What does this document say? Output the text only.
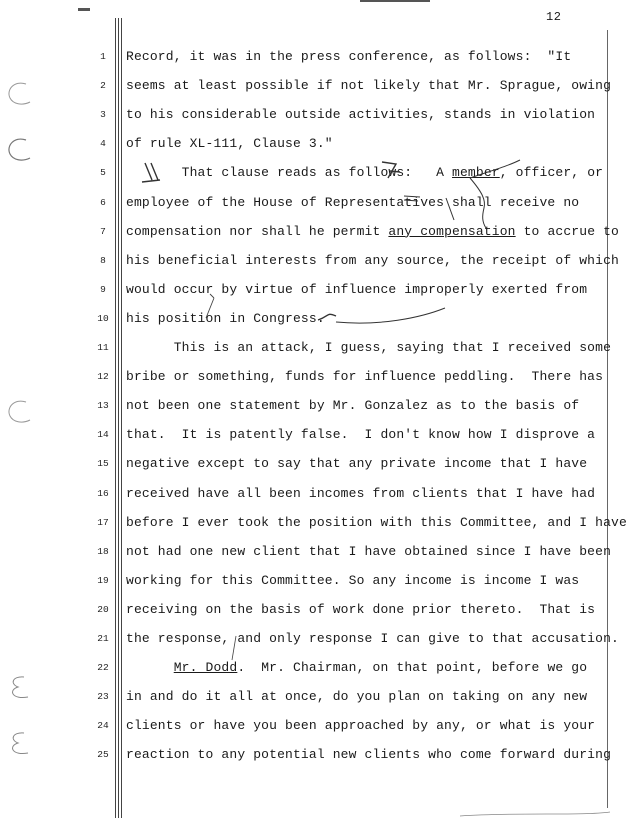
12
1	Record, it was in the press conference, as follows:  "It
2	seems at least possible if not likely that Mr. Sprague, owing
3	to his considerable outside activities, stands in violation
4	of rule XL-111, Clause 3."
5	That clause reads as follows:   A member, officer, or
6	employee of the House of Representatives shall receive no
7	compensation nor shall he permit any compensation to accrue to
8	his beneficial interests from any source, the receipt of which
9	would occur by virtue of influence improperly exerted from
10 his position in Congress.
11 This is an attack, I guess, saying that I received some
12 bribe or something, funds for influence peddling.  There has
13 not been one statement by Mr. Gonzalez as to the basis of
14 that.  It is patently false.  I don't know how I disprove a
15 negative except to say that any private income that I have
16 received have all been incomes from clients that I have had
17 before I ever took the position with this Committee, and I have
18 not had one new client that I have obtained since I have been
19 working for this Committee. So any income is income I was
20 receiving on the basis of work done prior thereto.  That is
21 the response, and only response I can give to that accusation.
22	Mr. Dodd.  Mr. Chairman, on that point, before we go
23 in and do it all at once, do you plan on taking on any new
24 clients or have you been approached by any, or what is your
25 reaction to any potential new clients who come forward during
